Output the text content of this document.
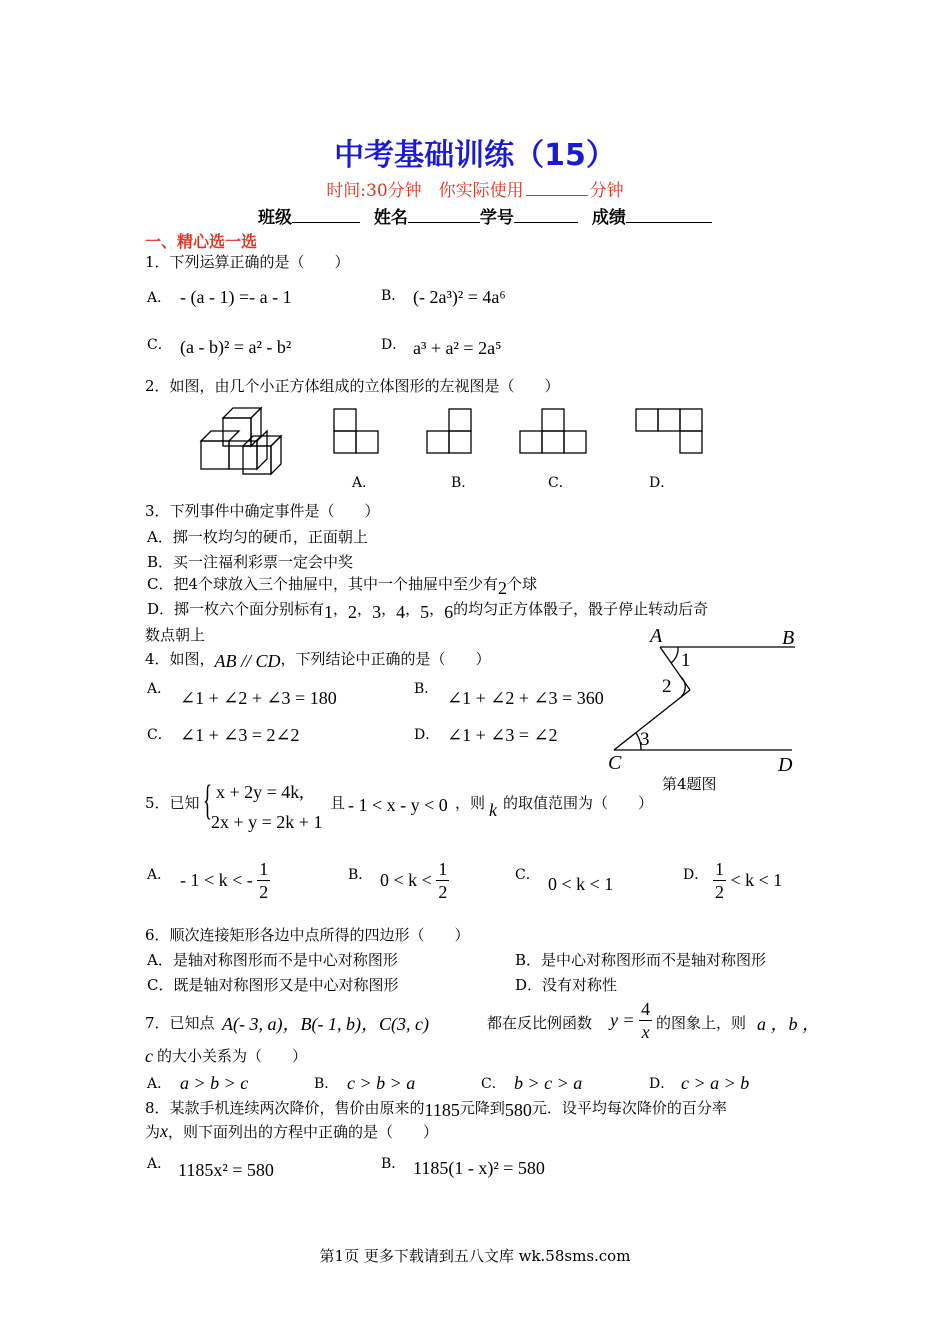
中考基础训练（15）
时间:30分钟　你实际使用	分钟
班级	姓名	学号	成绩
一、精心选一选
1．下列运算正确的是（　　）
A． - (a - 1) =- a - 1	B． (- 2a³)² = 4a⁶
C． (a - b)² = a² - b²	D． a³ + a² = 2a⁵
2．如图，由几个小正方体组成的立体图形的左视图是（　　）
A．	B．	C．	D．
3．下列事件中确定事件是（　　）
A．掷一枚均匀的硬币，正面朝上
B．买一注福利彩票一定会中奖
C．把4个球放入三个抽屉中，其中一个抽屉中至少有2个球
D．掷一枚六个面分别标有1，2，3，4，5，6的均匀正方体骰子，骰子停止转动后奇
数点朝上
4．如图，AB // CD，下列结论中正确的是（　　）
A． ∠1 + ∠2 + ∠3 = 180	B． ∠1 + ∠2 + ∠3 = 360
C． ∠1 + ∠3 = 2∠2	D． ∠1 + ∠3 = ∠2
A	B
C	D
1
2
3
第4题图
5．已知 { x + 2y = 4k,
2x + y = 2k + 1
且 - 1 < x - y < 0 ，则 k 的取值范围为（　　）
A． - 1 < k < - $\frac{1}{2}$	B． $0 < k < \frac{1}{2}$	C． 0 < k < 1	D． $\frac{1}{2} < k < 1$
6．顺次连接矩形各边中点所得的四边形（　　）
A．是轴对称图形而不是中心对称图形	B．是中心对称图形而不是轴对称图形
C．既是轴对称图形又是中心对称图形	D．没有对称性
7．已知点 A(- 3, a)，B(- 1, b)，C(3, c)	都在反比例函数 $y = \frac{4}{x}$ 的图象上，则 a ，b ，
c 的大小关系为（　　）
A． a > b > c	B． c > b > a	C． b > c > a	D． c > a > b
8．某款手机连续两次降价，售价由原来的1185元降到580元．设平均每次降价的百分率
为x，则下面列出的方程中正确的是（　　）
A． 1185x² = 580	B． 1185(1 - x)² = 580
第1页 更多下载请到五八文库 wk.58sms.com
